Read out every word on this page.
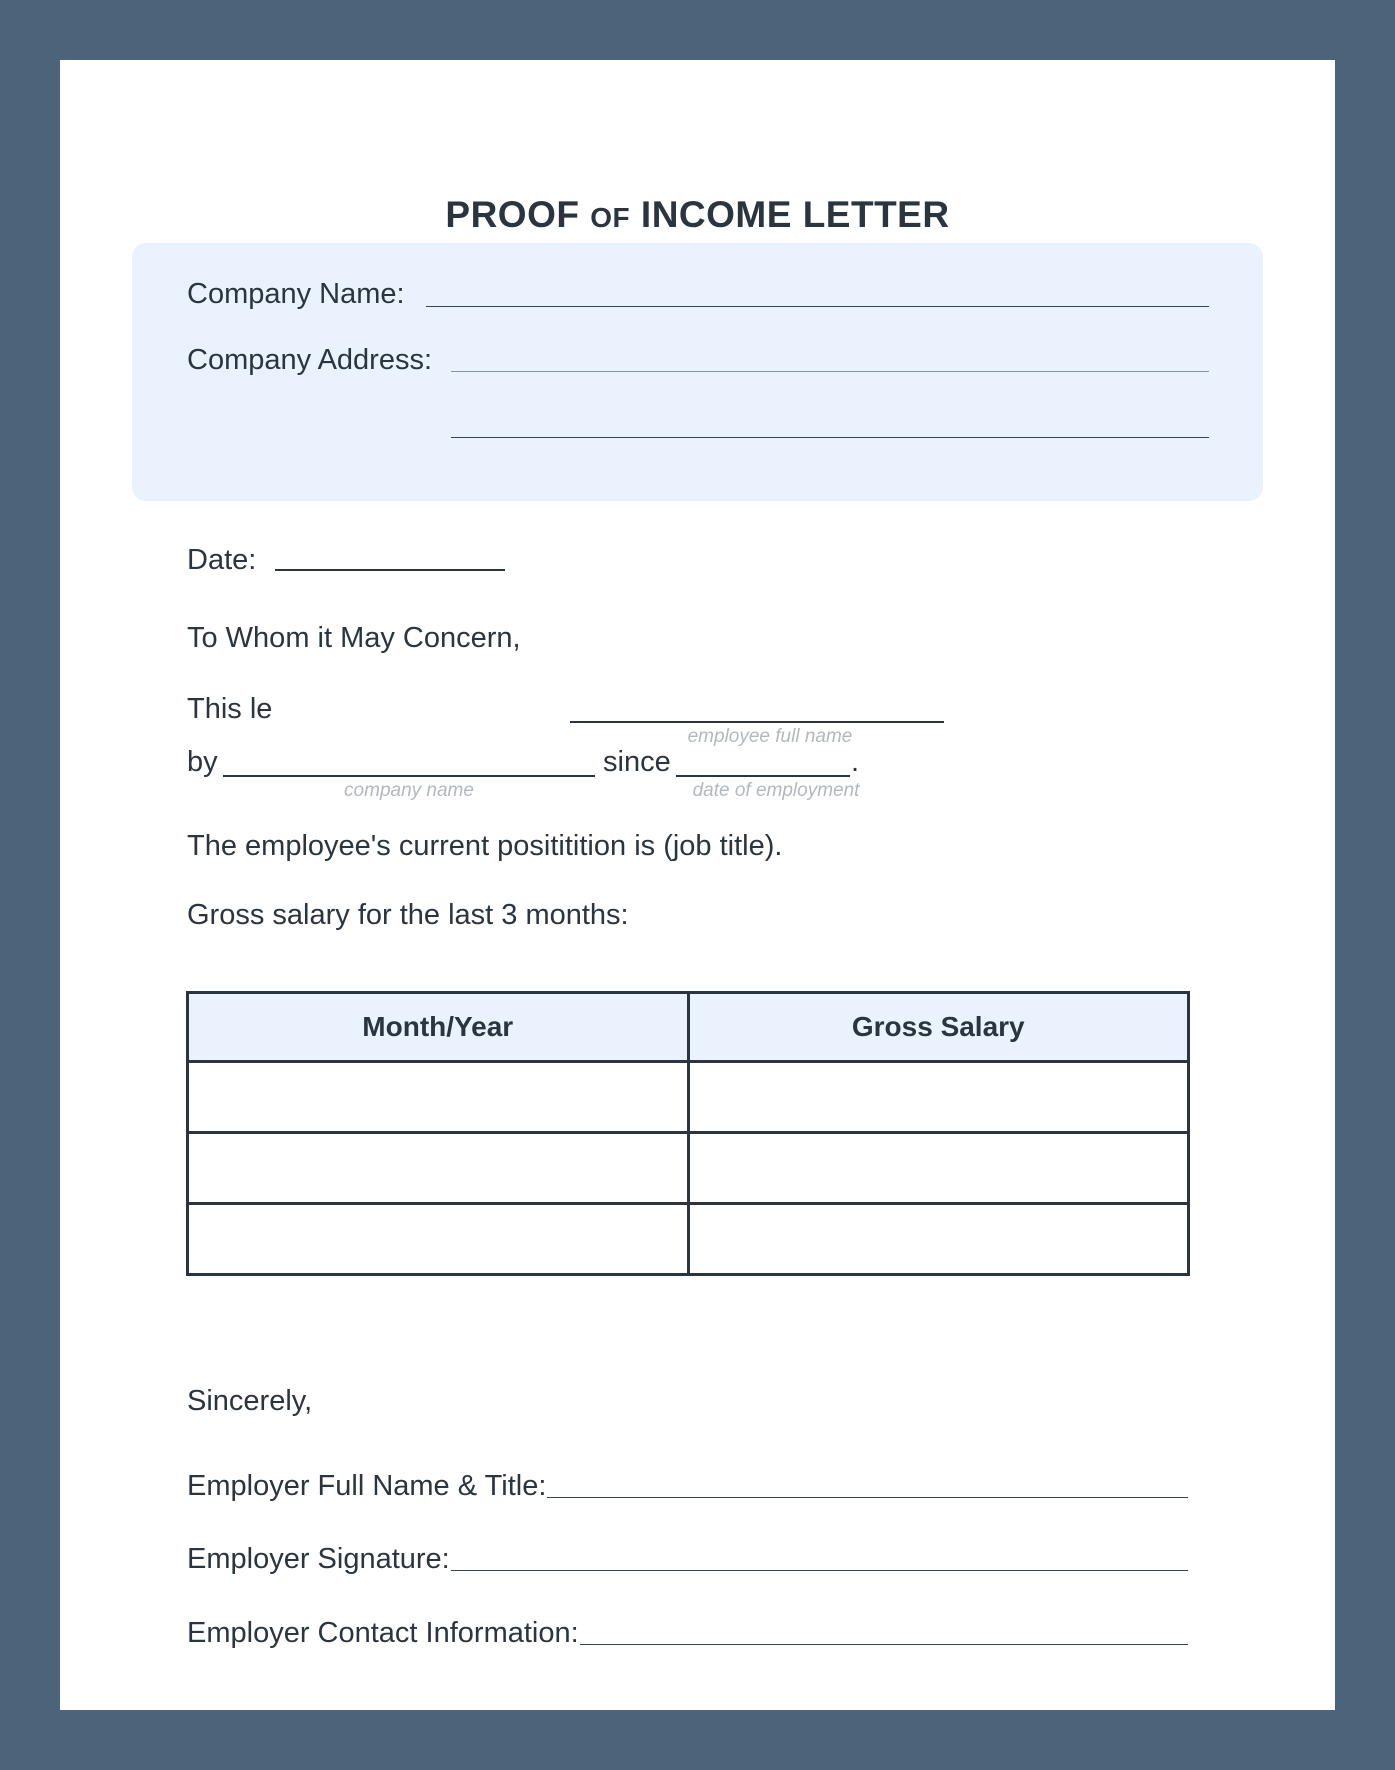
PROOF OF INCOME LETTER
Company Name:
Company Address:
Date:
To Whom it May Concern,
This le
employee full name
by
company name
since	.
date of employment
The employee's current posititition is (job title).
Gross salary for the last 3 months:
Month/Year	Gross Salary

Sincerely,
Employer Full Name & Title:
Employer Signature:
Employer Contact Information:
